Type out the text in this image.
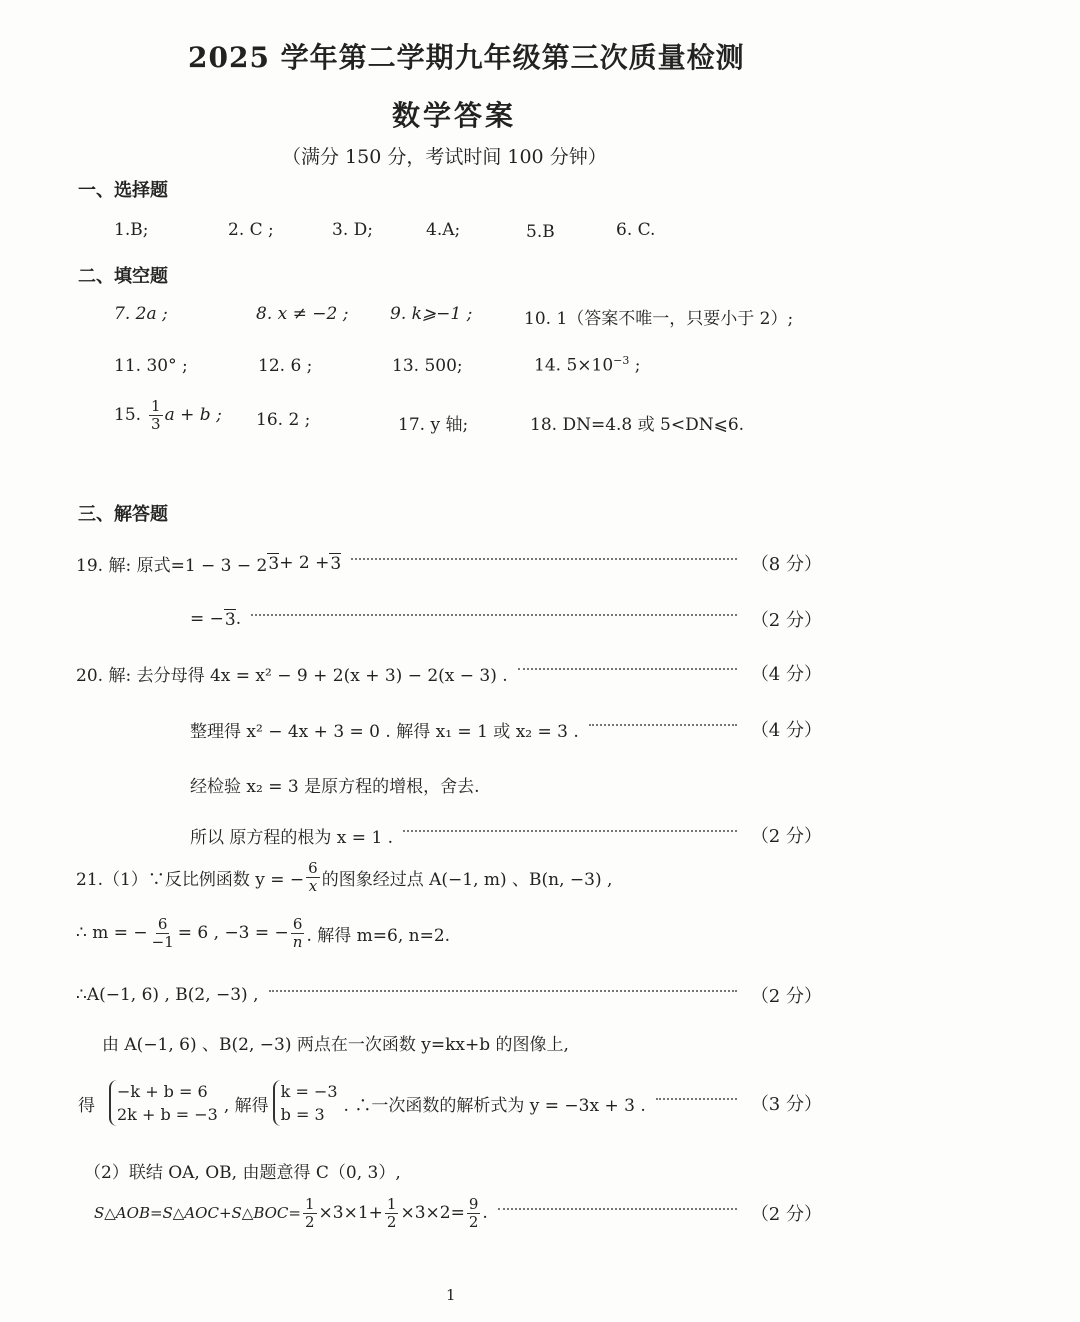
2025 学年第二学期九年级第三次质量检测
数学答案
（满分 150 分，考试时间 100 分钟）
一、选择题
1.B;	2. C ;	3. D;	4.A;	5.B	6. C.
二、填空题
7. 2a ;	8. x ≠ −2 ; 9. k⩾−1 ;	10. 1（答案不唯一，只要小于 2）;
11. 30° ;	12. 6 ;	13. 500;	14. $5\times 10^{-3}$ ;
15. $\frac{1}{3}$ a + b ; 16. 2 ;	17. y 轴;	18. DN=4.8 或 5<DN⩽6.
三、解答题
19. 解: 原式=1 − 3 − 2 3 + 2 + 3	（8 分）
= − 3 .	（2 分）
20. 解: 去分母得 4x = x² − 9 + 2(x + 3) − 2(x − 3) .	（4 分）
整理得 x² − 4x + 3 = 0 . 解得 x₁ = 1 或 x₂ = 3 .	（4 分）
经检验 x₂ = 3 是原方程的增根，舍去.
所以 原方程的根为 x = 1 .	（2 分）
21.（1）∵反比例函数 y = − $\frac{6}{x}$ 的图象经过点 A(−1, m) 、B(n, −3) ,
∴ m = − $\frac{6}{-1} = 6$ , −3 = − $\frac{6}{n}$ . 解得 m=6, n=2.
∴A(−1, 6) , B(2, −3) ,	（2 分）
由 A(−1, 6) 、B(2, −3) 两点在一次函数 y=kx+b 的图像上,
得
−k + b = 6
2k + b = −3 , 解得
k = −3
b = 3	. ∴一次函数的解析式为 y = −3x + 3 .	（3 分）
（2）联结 OA, OB, 由题意得 C（0, 3）,
S△AOB=S△AOC+S△BOC= $\frac{1}{2} \times 3\times 1+ \frac{1}{2} \times 3\times 2= \frac{9}{2}$ .	（2 分）
1
